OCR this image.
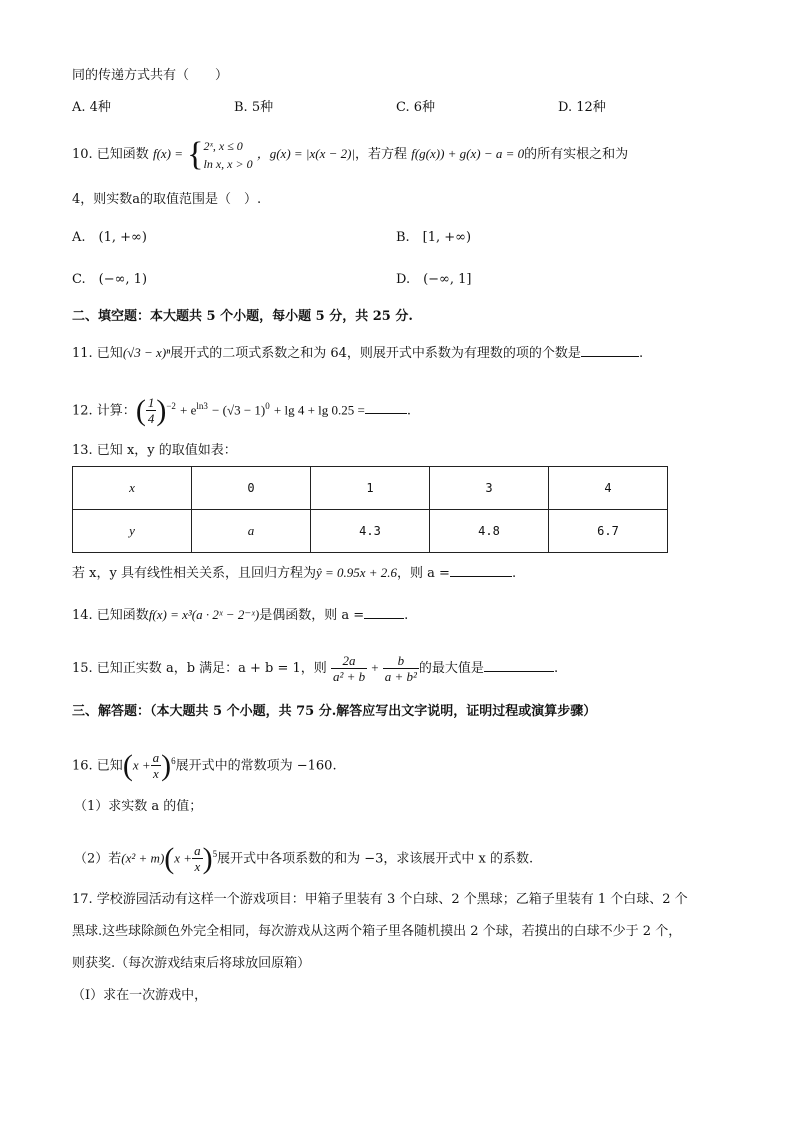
同的传递方式共有（　　）
A. 4种	B. 5种	C. 6种	D. 12种
10. 已知函数 f(x) = { 2ˣ, x ≤ 0
ln x, x > 0
，g(x) = |x(x − 2)|，若方程 f(g(x)) + g(x) − a = 0的所有实根之和为
4，则实数a的取值范围是（　）.
A.　(1, +∞)	B.　[1, +∞)
C.　(−∞, 1)	D.　(−∞, 1]
二、填空题：本大题共 5 个小题，每小题 5 分，共 25 分.
11. 已知(√3 − x)ⁿ展开式的二项式系数之和为 64，则展开式中系数为有理数的项的个数是	.
12. 计算：( $\frac{1}{4} )^{-2} + e^{ln3} - (√3 - 1)^0 + \lg 4 + \lg 0.25$ =	.
13. 已知 x，y 的取值如表：
x	0	1	3	4
y	a	4.3	4.8	6.7
若 x，y 具有线性相关关系，且回归方程为ŷ = 0.95x + 2.6，则 a =	.
14. 已知函数f(x) = x³(a · 2ˣ − 2⁻ˣ)是偶函数，则 a =	.
15. 已知正实数 a，b 满足：a + b = 1，则 $\frac{2a}{\text{a² + b}} + \frac{b}{\text{a + b²}}$ 的最大值是	.
三、解答题：（本大题共 5 个小题，共 75 分.解答应写出文字说明，证明过程或演算步骤）
16. 已知$(x + \frac{a}{x} )^6$展开式中的常数项为 −160.
（1）求实数 a 的值；
（2）若$(x^2 + m)(x + \frac{a}{x} )^5$展开式中各项系数的和为 −3，求该展开式中 x 的系数.
17. 学校游园活动有这样一个游戏项目：甲箱子里装有 3 个白球、2 个黑球；乙箱子里装有 1 个白球、2 个
黑球.这些球除颜色外完全相同，每次游戏从这两个箱子里各随机摸出 2 个球，若摸出的白球不少于 2 个，
则获奖.（每次游戏结束后将球放回原箱）
（I）求在一次游戏中，
